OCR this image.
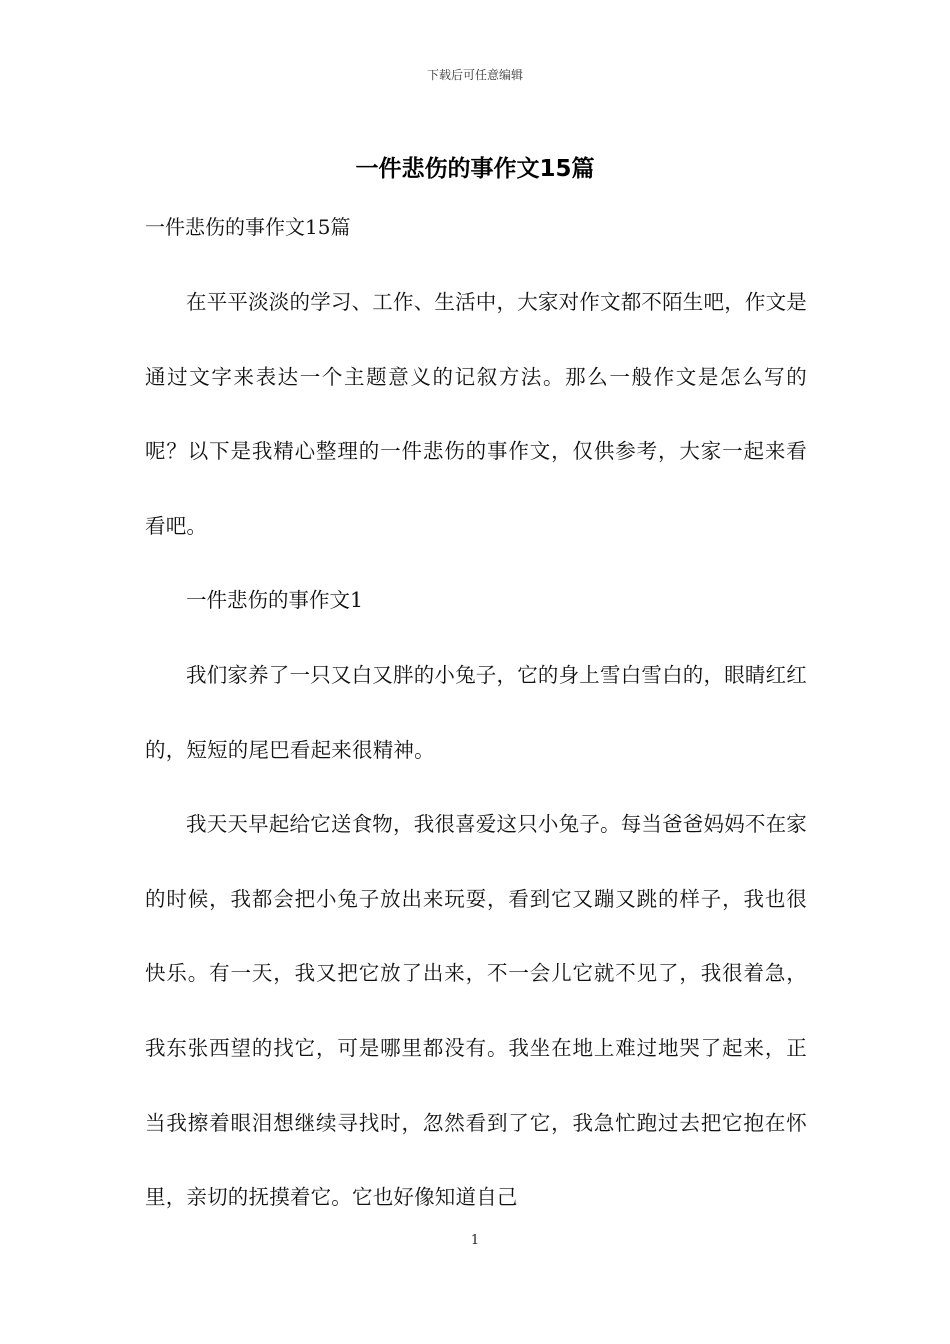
下载后可任意编辑
一件悲伤的事作文15篇
一件悲伤的事作文15篇

在平平淡淡的学习、工作、生活中，大家对作文都不陌生吧，作文是通过文字来表达一个主题意义的记叙方法。那么一般作文是怎么写的呢？以下是我精心整理的一件悲伤的事作文，仅供参考，大家一起来看看吧。

一件悲伤的事作文1

我们家养了一只又白又胖的小兔子，它的身上雪白雪白的，眼睛红红的，短短的尾巴看起来很精神。

我天天早起给它送食物，我很喜爱这只小兔子。每当爸爸妈妈不在家的时候，我都会把小兔子放出来玩耍，看到它又蹦又跳的样子，我也很快乐。有一天，我又把它放了出来，不一会儿它就不见了，我很着急，我东张西望的找它，可是哪里都没有。我坐在地上难过地哭了起来，正当我擦着眼泪想继续寻找时，忽然看到了它，我急忙跑过去把它抱在怀里，亲切的抚摸着它。它也好像知道自己

1
